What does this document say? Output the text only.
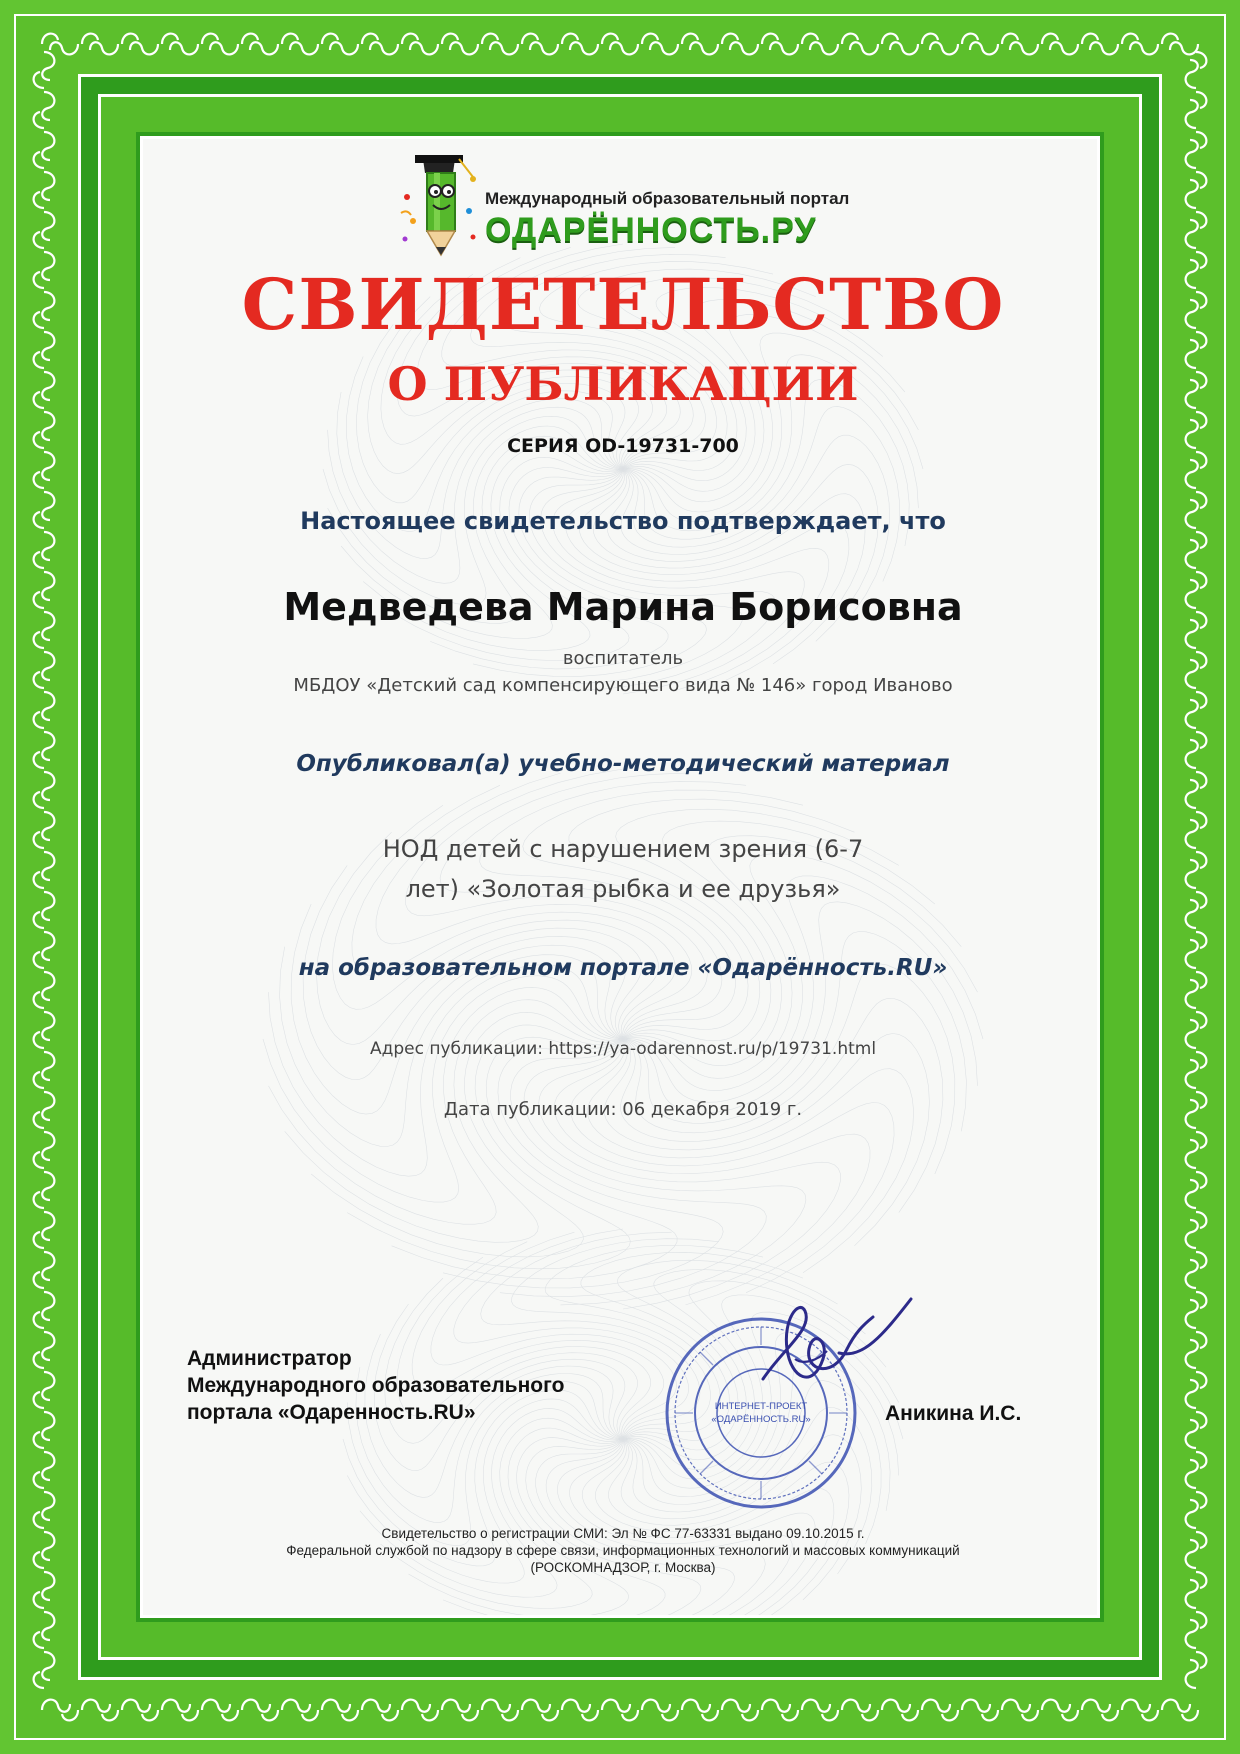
Международный образовательный портал
ОДАРЁННОСТЬ.РУ
СВИДЕТЕЛЬСТВО
О ПУБЛИКАЦИИ
СЕРИЯ OD-19731-700
Настоящее свидетельство подтверждает, что
Медведева Марина Борисовна
воспитатель
МБДОУ «Детский сад компенсирующего вида № 146» город Иваново
Опубликовал(а) учебно-методический материал
НОД детей с нарушением зрения (6-7 лет) «Золотая рыбка и ее друзья»
на образовательном портале «Одарённость.RU»
Адрес публикации: https://ya-odarennost.ru/p/19731.html
Дата публикации: 06 декабря 2019 г.
Администратор
Международного образовательного
портала «Одаренность.RU»	ИНТЕРНЕТ-ПРОЕКТ
«ОДАРЁННОСТЬ.RU»	Аникина И.С.
Свидетельство о регистрации СМИ: Эл № ФС 77-63331 выдано 09.10.2015 г.
Федеральной службой по надзору в сфере связи, информационных технологий и массовых коммуникаций
(РОСКОМНАДЗОР, г. Москва)
